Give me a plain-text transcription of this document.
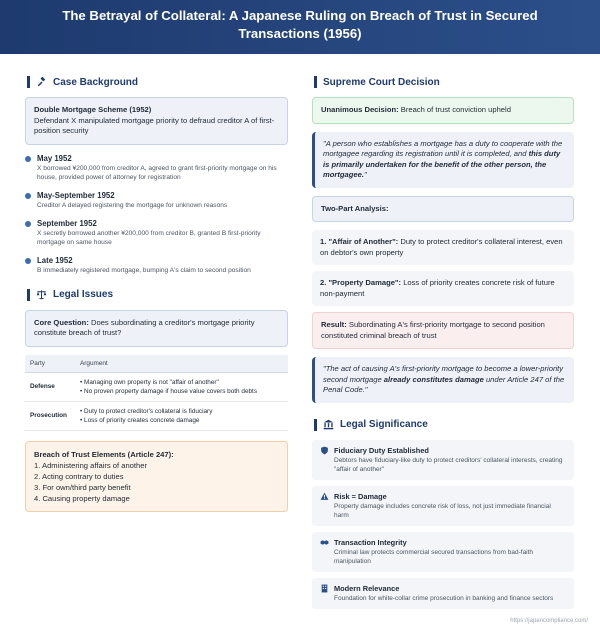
The Betrayal of Collateral: A Japanese Ruling on Breach of Trust in Secured Transactions (1956)
Case Background
Double Mortgage Scheme (1952)
Defendant X manipulated mortgage priority to defraud creditor A of first-position security
May 1952
X borrowed ¥200,000 from creditor A, agreed to grant first-priority mortgage on his house, provided power of attorney for registration
May-September 1952
Creditor A delayed registering the mortgage for unknown reasons
September 1952
X secretly borrowed another ¥200,000 from creditor B, granted B first-priority mortgage on same house
Late 1952
B immediately registered mortgage, bumping A's claim to second position
Legal Issues
Core Question: Does subordinating a creditor's mortgage priority constitute breach of trust?
Party	Argument
Defense	• Managing own property is not "affair of another"
• No proven property damage if house value covers both debts

Prosecution	• Duty to protect creditor's collateral is fiduciary
• Loss of priority creates concrete damage
Breach of Trust Elements (Article 247):
1. Administering affairs of another
2. Acting contrary to duties
3. For own/third party benefit
4. Causing property damage
Supreme Court Decision
Unanimous Decision: Breach of trust conviction upheld
"A person who establishes a mortgage has a duty to cooperate with the mortgagee regarding its registration until it is completed, and this duty is primarily undertaken for the benefit of the other person, the mortgagee."
Two-Part Analysis:
1. "Affair of Another": Duty to protect creditor's collateral interest, even on debtor's own property
2. "Property Damage": Loss of priority creates concrete risk of future non-payment
Result: Subordinating A's first-priority mortgage to second position constituted criminal breach of trust
"The act of causing A's first-priority mortgage to become a lower-priority second mortgage already constitutes damage under Article 247 of the Penal Code."
Legal Significance
Fiduciary Duty Established
Debtors have fiduciary-like duty to protect creditors' collateral interests, creating "affair of another"
Risk = Damage
Property damage includes concrete risk of loss, not just immediate financial harm
Transaction Integrity
Criminal law protects commercial secured transactions from bad-faith manipulation
Modern Relevance
Foundation for white-collar crime prosecution in banking and finance sectors
https://japancompliance.com/
